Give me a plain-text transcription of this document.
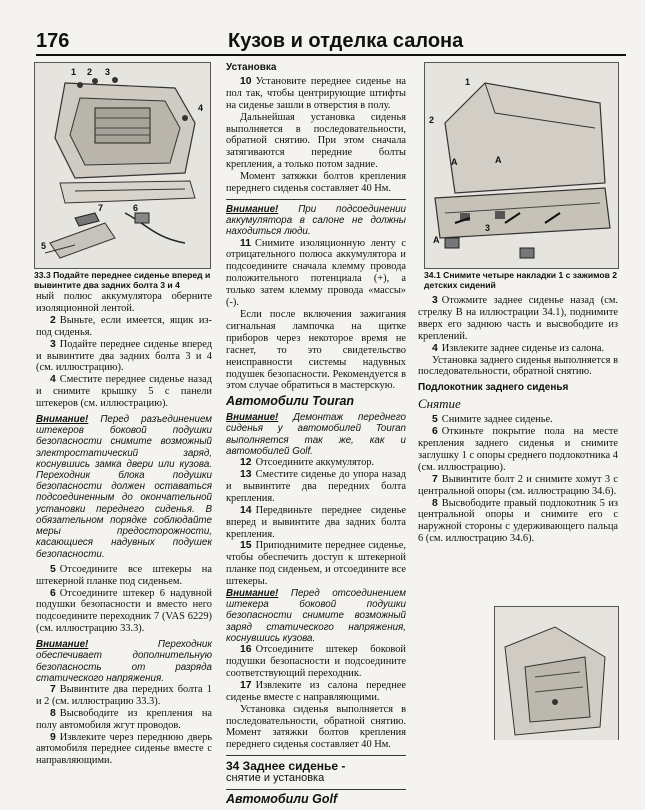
176	Кузов и отделка салона
1 2 3
4
7	6
5
33.3 Подайте переднее сиденье вперед и вывинтите два задних болта 3 и 4
1
2
A	A
A
3
34.1 Снимите четыре накладки 1 с зажимов 2 детских сидений

ный полюс аккумулятора оберните изоляционной лентой.

2 Выньте, если имеется, ящик из-под сиденья.

3 Подайте переднее сиденье вперед и вывинтите два задних болта 3 и 4 (см. иллюстрацию).

4 Сместите переднее сиденье назад и снимите крышку 5 с панели штекеров (см. иллюстрацию).

Внимание! Перед разъединением штекеров боковой подушки безопасности снимите возможный электростатический заряд, коснувшись замка двери или кузова. Переходник блока подушки безопасности должен оставаться подсоединенным до окончательной установки переднего сиденья. В обязательном порядке соблюдайте меры предосторожности, касающиеся надувных подушек безопасности.

5 Отсоедините все штекеры на штекерной планке под сиденьем.

6 Отсоедините штекер 6 надувной подушки безопасности и вместо него подсоедините переходник 7 (VAS 6229) (см. иллюстрацию 33.3).

Внимание!	Переходник обеспечивает дополнительную безопасность от разряда статического напряжения.

7 Вывинтите два передних болта 1 и 2 (см. иллюстрацию 33.3).

8 Высвободите из крепления на полу автомобиля жгут проводов.

9 Извлеките через переднюю дверь автомобиля переднее сиденье вместе с направляющими.

Установка

10 Установите переднее сиденье на пол так, чтобы центрирующие штифты на сиденье зашли в отверстия в полу.

Дальнейшая установка сиденья выполняется в последовательности, обратной снятию. При этом сначала затягиваются передние болты крепления, а только потом задние.

Момент затяжки болтов крепления переднего сиденья составляет 40 Нм.

Внимание! При подсоединении аккумулятора в салоне не должны находиться люди.

11 Снимите изоляционную ленту с отрицательного полюса аккумулятора и подсоедините сначала клемму провода положительного потенциала (+), а только затем клемму провода «массы» (-).

Если после включения зажигания сигнальная лампочка на щитке приборов через некоторое время не гаснет, то это свидетельство неисправности системы надувных подушек безопасности. Рекомендуется в этом случае обратиться в мастерскую.

Автомобили Touran

Внимание! Демонтаж переднего сиденья у автомобилей Touran выполняется так же, как и автомобилей Golf.

12 Отсоедините аккумулятор.

13 Сместите сиденье до упора назад и вывинтите два передних болта крепления.

14 Передвиньте переднее сиденье вперед и вывинтите два задних болта крепления.

15 Приподнимите переднее сиденье, чтобы обеспечить доступ к штекерной планке под сиденьем, и отсоедините все штекеры.

Внимание! Перед отсоединением штекера боковой подушки безопасности снимите возможный заряд статического напряжения, коснувшись кузова.

16 Отсоедините штекер боковой подушки безопасности и подсоедините соответствующий переходник.

17 Извлеките из салона переднее сиденье вместе с направляющими.

Установка сиденья выполняется в последовательности, обратной снятию. Момент затяжки болтов крепления переднего сиденья составляет 40 Нм.

34 Заднее сиденье -
снятие и установка

Автомобили Golf

3 Отожмите заднее сиденье назад (см. стрелку В на иллюстрации 34.1), поднимите вверх его заднюю часть и высвободите из креплений.

4 Извлеките заднее сиденье из салона.

Установка заднего сиденья выполняется в последовательности, обратной снятию.

Подлокотник заднего сиденья

Снятие

5 Снимите заднее сиденье.

6 Откиньте покрытие пола на месте крепления заднего сиденья и снимите заглушку 1 с опоры среднего подлокотника 4 (см. иллюстрацию).

7 Вывинтите болт 2 и снимите хомут 3 с центральной опоры (см. иллюстрацию 34.6).

8 Высвободите правый подлокотник 5 из центральной опоры и снимите его с наружной стороны с удерживающего пальца 6 (см. иллюстрацию 34.6).
